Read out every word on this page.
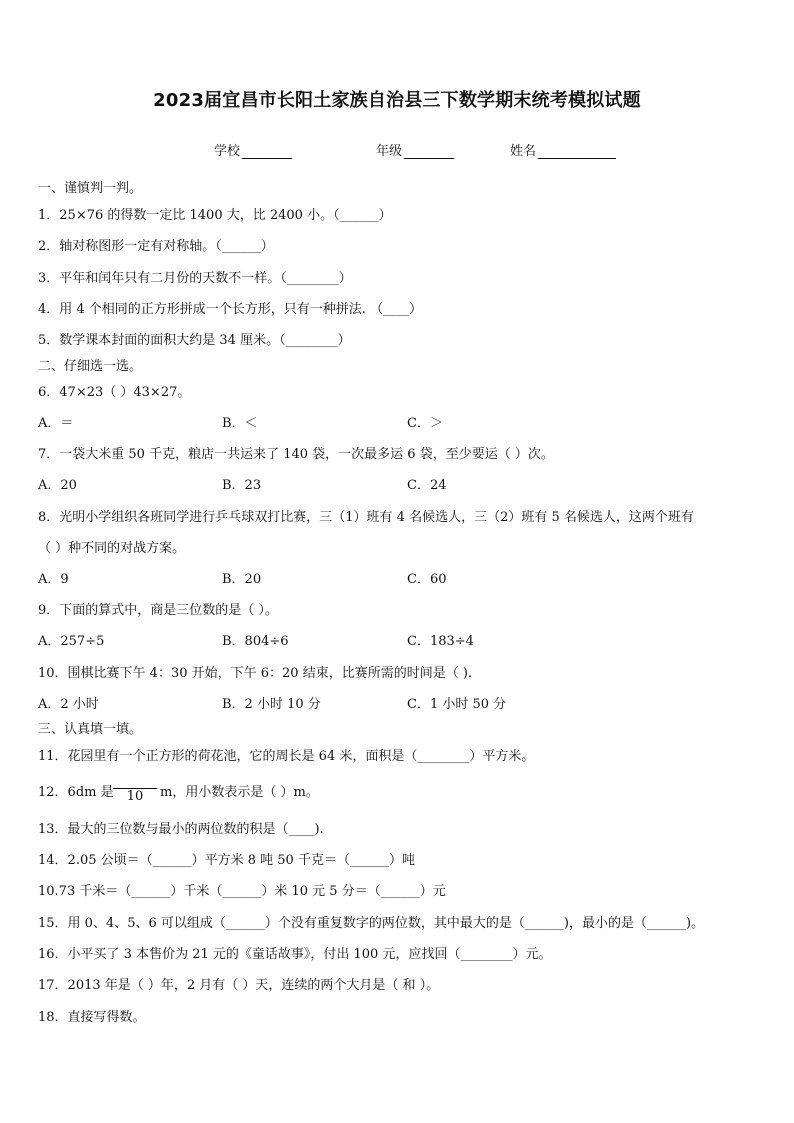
2023届宜昌市长阳土家族自治县三下数学期末统考模拟试题
学校	年级	姓名
一、谨慎判一判。
1．25×76 的得数一定比 1400 大，比 2400 小。（______）
2．轴对称图形一定有对称轴。（______）
3．平年和闰年只有二月份的天数不一样。（________）
4．用 4 个相同的正方形拼成一个长方形，只有一种拼法. （____）
5．数学课本封面的面积大约是 34 厘米。（________）
二、仔细选一选。
6．47×23（ ）43×27。
A．＝	B．＜	C．＞
7．一袋大米重 50 千克，粮店一共运来了 140 袋，一次最多运 6 袋，至少要运（ ）次。
A．20	B．23	C．24
8．光明小学组织各班同学进行乒乓球双打比赛，三（1）班有 4 名候选人，三（2）班有 5 名候选人，这两个班有
（ ）种不同的对战方案。
A．9	B．20	C．60
9．下面的算式中，商是三位数的是（ ）。
A．257÷5	B．804÷6	C．183÷4
10．围棋比赛下午 4：30 开始，下午 6：20 结束，比赛所需的时间是（ ).
A．2 小时	B．2 小时 10 分	C．1 小时 50 分
三、认真填一填。
11．花园里有一个正方形的荷花池，它的周长是 64 米，面积是（________）平方米。
12．6dm 是	10	m，用小数表示是（ ）m。
13．最大的三位数与最小的两位数的积是（____).
14．2.05 公顷＝（______）平方米 8 吨 50 千克＝（______）吨
10.73 千米＝（______）千米（______）米 10 元 5 分＝（______）元
15．用 0、4、5、6 可以组成（______）个没有重复数字的两位数，其中最大的是（______)，最小的是（______)。
16．小平买了 3 本售价为 21 元的《童话故事》，付出 100 元，应找回（________）元。
17．2013 年是（ ）年，2 月有（ ）天，连续的两个大月是（ 和 ）。
18．直接写得数。
